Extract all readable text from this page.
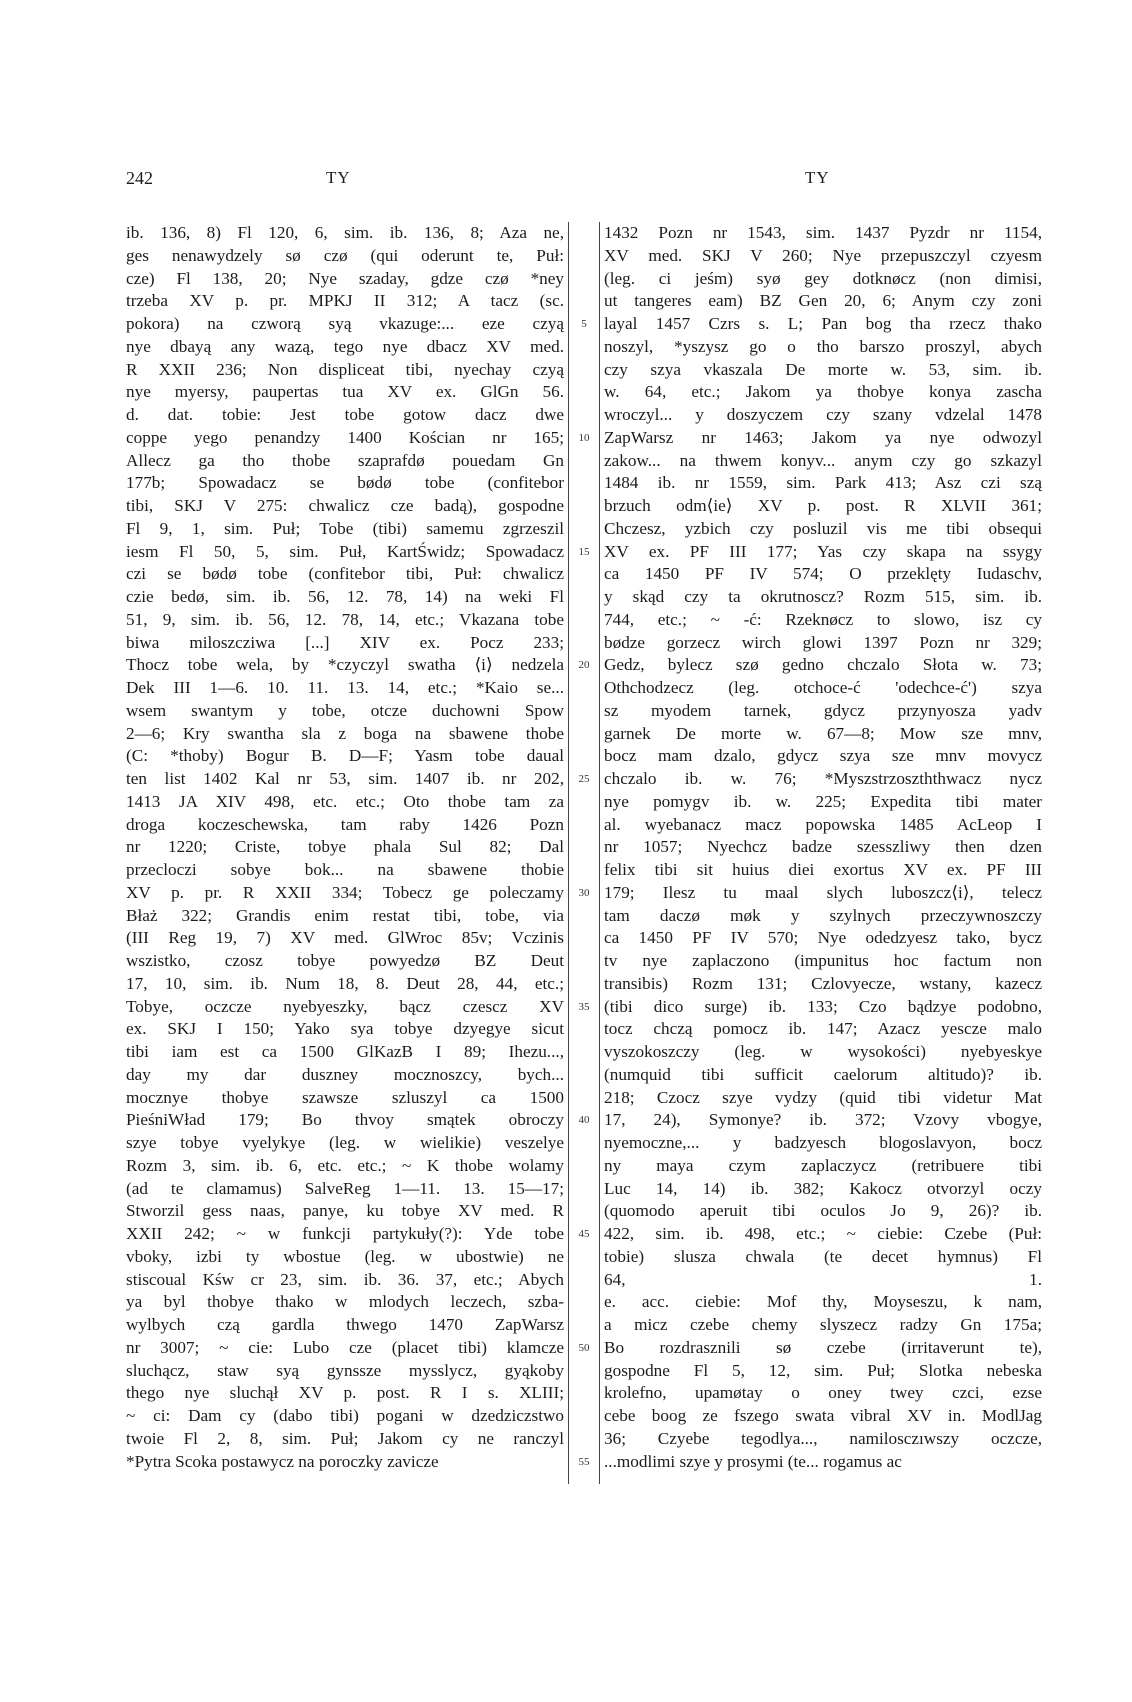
242	TY	TY
ib. 136, 8) Fl 120, 6, sim. ib. 136, 8; Aza ne,
ges nenawydzely sø czø (qui oderunt te, Puł:
cze) Fl 138, 20; Nye szaday, gdze czø *ney
trzeba XV p. pr. MPKJ II 312; A tacz (sc.
pokora) na czworą syą vkazuge:... eze czyą
nye dbayą any wazą, tego nye dbacz XV med.
R XXII 236; Non displiceat tibi, nyechay czyą
nye myersy, paupertas tua XV ex. GlGn 56.
d. dat. tobie: Jest tobe gotow dacz dwe
coppe yego penandzy 1400 Kościan nr 165;
Allecz ga tho thobe szaprafdø pouedam Gn
177b; Spowadacz se bødø tobe (confitebor
tibi, SKJ V 275: chwalicz cze badą), gospodne
Fl 9, 1, sim. Puł; Tobe (tibi) samemu zgrzeszil
iesm Fl 50, 5, sim. Puł, KartŚwidz; Spowadacz
czi se bødø tobe (confitebor tibi, Puł: chwalicz
czie bedø, sim. ib. 56, 12. 78, 14) na weki Fl
51, 9, sim. ib. 56, 12. 78, 14, etc.; Vkazana tobe
biwa miloszcziwa [...] XIV ex. Pocz 233;
Thocz tobe wela, by *czyczyl swatha ⟨i⟩ nedzela
Dek III 1—6. 10. 11. 13. 14, etc.; *Kaio se...
wsem swantym y tobe, otcze duchowni Spow
2—6; Kry swantha sla z boga na sbawene thobe
(C: *thoby) Bogur B. D—F; Yasm tobe daual
ten list 1402 Kal nr 53, sim. 1407 ib. nr 202,
1413 JA XIV 498, etc. etc.; Oto thobe tam za
droga koczeschewska, tam raby 1426 Pozn
nr 1220; Criste, tobye phala Sul 82; Dal
przecloczi sobye bok... na sbawene thobie
XV p. pr. R XXII 334; Tobecz ge poleczamy
Błaż 322; Grandis enim restat tibi, tobe, via
(III Reg 19, 7) XV med. GlWroc 85v; Vczinis
wszistko, czosz tobye powyedzø BZ Deut
17, 10, sim. ib. Num 18, 8. Deut 28, 44, etc.;
Tobye, oczcze nyebyeszky, bącz czescz XV
ex. SKJ I 150; Yako sya tobye dzyegye sicut
tibi iam est ca 1500 GlKazB I 89; Ihezu...,
day my dar duszney mocznoszcy, bych...
mocznye thobye szawsze szluszyl ca 1500
PieśniWład 179; Bo thvoy smątek obroczy
szye tobye vyelykye (leg. w wielikie) veszelye
Rozm 3, sim. ib. 6, etc. etc.; ~ K thobe wolamy
(ad te clamamus) SalveReg 1—11. 13. 15—17;
Stworzil gess naas, panye, ku tobye XV med. R
XXII 242; ~ w funkcji partykuły(?): Yde tobe
vboky, izbi ty wbostue (leg. w ubostwie) ne
stiscoual Kśw cr 23, sim. ib. 36. 37, etc.; Abych
ya byl thobye thako w mlodych leczech, szba-
wylbych czą gardla thwego 1470 ZapWarsz
nr 3007; ~ cie: Lubo cze (placet tibi) klamcze
sluchącz, staw syą gynssze mysslycz, gyąkoby
thego nye sluchął XV p. post. R I s. XLIII;
~ ci: Dam cy (dabo tibi) pogani w dzedziczstwo
twoie Fl 2, 8, sim. Puł; Jakom cy ne ranczyl
*Pytra Scoka postawycz na poroczky zavicze
5
10
15
20
25
30
35
40
45
50
55
1432 Pozn nr 1543, sim. 1437 Pyzdr nr 1154,
XV med. SKJ V 260; Nye przepuszczyl czyesm
(leg. ci jeśm) syø gey dotknøcz (non dimisi,
ut tangeres eam) BZ Gen 20, 6; Anym czy zoni
layal 1457 Czrs s. L; Pan bog tha rzecz thako
noszyl, *yszysz go o tho barszo proszyl, abych
czy szya vkaszala De morte w. 53, sim. ib.
w. 64, etc.; Jakom ya thobye konya zascha
wroczyl... y doszyczem czy szany vdzelal 1478
ZapWarsz nr 1463; Jakom ya nye odwozyl
zakow... na thwem konyv... anym czy go szkazyl
1484 ib. nr 1559, sim. Park 413; Asz czi szą
brzuch odm⟨ie⟩ XV p. post. R XLVII 361;
Chczesz, yzbich czy posluzil vis me tibi obsequi
XV ex. PF III 177; Yas czy skapa na ssygy
ca 1450 PF IV 574; O przeklęty Iudaschv,
y skąd czy ta okrutnoscz? Rozm 515, sim. ib.
744, etc.; ~ -ć: Rzeknøcz to slowo, isz cy
bødze gorzecz wirch glowi 1397 Pozn nr 329;
Gedz, bylecz szø gedno chczalo Słota w. 73;
Othchodzecz (leg. otchoce-ć 'odechce-ć') szya
sz myodem tarnek, gdycz przynyosza yadv
garnek De morte w. 67—8; Mow sze mnv,
bocz mam dzalo, gdycz szya sze mnv movycz
chczalo ib. w. 76; *Myszstrzoszththwacz nycz
nye pomygv ib. w. 225; Expedita tibi mater
al. wyebanacz macz popowska 1485 AcLeop I
nr 1057; Nyechcz badze szesszliwy then dzen
felix tibi sit huius diei exortus XV ex. PF III
179; Ilesz tu maal slych luboszcz⟨i⟩, telecz
tam daczø møk y szylnych przeczywnoszczy
ca 1450 PF IV 570; Nye odedzyesz tako, bycz
tv nye zaplaczono (impunitus hoc factum non
transibis) Rozm 131; Czlovyecze, wstany, kazecz
(tibi dico surge) ib. 133; Czo bądzye podobno,
tocz chczą pomocz ib. 147; Azacz yescze malo
vyszokoszczy (leg. w wysokości) nyebyeskye
(numquid tibi sufficit caelorum altitudo)? ib.
218; Czocz szye vydzy (quid tibi videtur Mat
17, 24), Symonye? ib. 372; Vzovy vbogye,
nyemoczne,... y badzyesch blogoslavyon, bocz
ny maya czym zaplaczycz (retribuere tibi
Luc 14, 14) ib. 382; Kakocz otvorzyl oczy
(quomodo aperuit tibi oculos Jo 9, 26)? ib.
422, sim. ib. 498, etc.; ~ ciebie: Czebe (Puł:
tobie) slusza chwala (te decet hymnus) Fl
64, 1.
e. acc. ciebie: Mof thy, Moyseszu, k nam,
a micz czebe chemy slyszecz radzy Gn 175a;
Bo rozdrasznili sø czebe (irritaverunt te),
gospodne Fl 5, 12, sim. Puł; Slotka nebeska
krolefno, upamøtay o oney twey czci, ezse
cebe boog ze fszego swata vibral XV in. ModlJag
36; Czyebe tegodlya..., namilosczıwszy oczcze,
...modlimi szye y prosymi (te... rogamus ac
